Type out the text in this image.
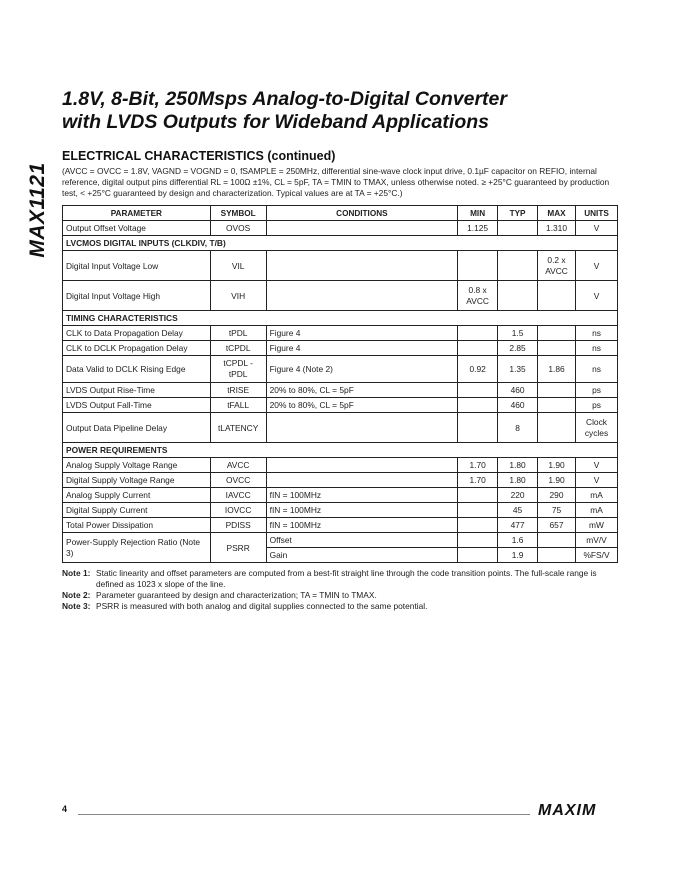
MAX1121
1.8V, 8-Bit, 250Msps Analog-to-Digital Converter
with LVDS Outputs for Wideband Applications
ELECTRICAL CHARACTERISTICS (continued)
(AVCC = OVCC = 1.8V, VAGND = VOGND = 0, fSAMPLE = 250MHz, differential sine-wave clock input drive, 0.1µF capacitor on REFIO, internal reference, digital output pins differential RL = 100Ω ±1%, CL = 5pF, TA = TMIN to TMAX, unless otherwise noted. ≥ +25°C guaranteed by production test, < +25°C guaranteed by design and characterization. Typical values are at TA = +25°C.)
PARAMETER	SYMBOL	CONDITIONS	MIN	TYP	MAX	UNITS
Output Offset Voltage	OVOS		1.125		1.310	V
LVCMOS DIGITAL INPUTS (CLKDIV, T/B)						
Digital Input Voltage Low	VIL				0.2 x AVCC	V
Digital Input Voltage High	VIH		0.8 x AVCC			V
TIMING CHARACTERISTICS						
CLK to Data Propagation Delay	tPDL	Figure 4		1.5		ns
CLK to DCLK Propagation Delay	tCPDL	Figure 4		2.85		ns
Data Valid to DCLK Rising Edge	tCPDL - tPDL	Figure 4 (Note 2)	0.92	1.35	1.86	ns
LVDS Output Rise-Time	tRISE	20% to 80%, CL = 5pF		460		ps
LVDS Output Fall-Time	tFALL	20% to 80%, CL = 5pF		460		ps
Output Data Pipeline Delay	tLATENCY			8		Clock cycles
POWER REQUIREMENTS						
Analog Supply Voltage Range	AVCC		1.70	1.80	1.90	V
Digital Supply Voltage Range	OVCC		1.70	1.80	1.90	V
Analog Supply Current	IAVCC	fIN = 100MHz		220	290	mA
Digital Supply Current	IOVCC	fIN = 100MHz		45	75	mA
Total Power Dissipation	PDISS	fIN = 100MHz		477	657	mW
Power-Supply Rejection Ratio (Note 3)	PSRR	Offset		1.6		mV/V
		Gain		1.9		%FS/V
Note 1: Static linearity and offset parameters are computed from a best-fit straight line through the code transition points. The full-scale range is defined as 1023 x slope of the line.
Note 2: Parameter guaranteed by design and characterization; TA = TMIN to TMAX.
Note 3: PSRR is measured with both analog and digital supplies connected to the same potential.
4	MAXIM
